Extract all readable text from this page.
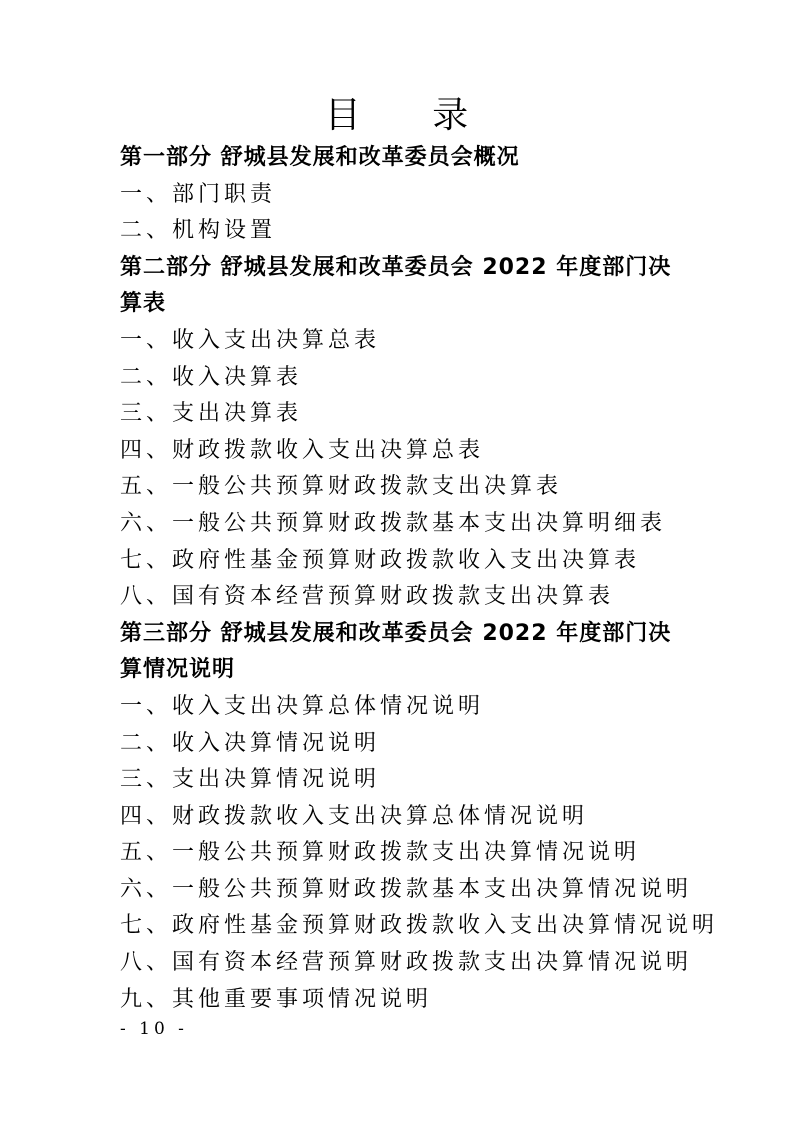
目 录
第一部分 舒城县发展和改革委员会概况
一、部门职责
二、机构设置
第二部分 舒城县发展和改革委员会 2022 年度部门决
算表
一、收入支出决算总表
二、收入决算表
三、支出决算表
四、财政拨款收入支出决算总表
五、一般公共预算财政拨款支出决算表
六、一般公共预算财政拨款基本支出决算明细表
七、政府性基金预算财政拨款收入支出决算表
八、国有资本经营预算财政拨款支出决算表
第三部分 舒城县发展和改革委员会 2022 年度部门决
算情况说明
一、收入支出决算总体情况说明
二、收入决算情况说明
三、支出决算情况说明
四、财政拨款收入支出决算总体情况说明
五、一般公共预算财政拨款支出决算情况说明
六、一般公共预算财政拨款基本支出决算情况说明
七、政府性基金预算财政拨款收入支出决算情况说明
八、国有资本经营预算财政拨款支出决算情况说明
九、其他重要事项情况说明
- 10 -
